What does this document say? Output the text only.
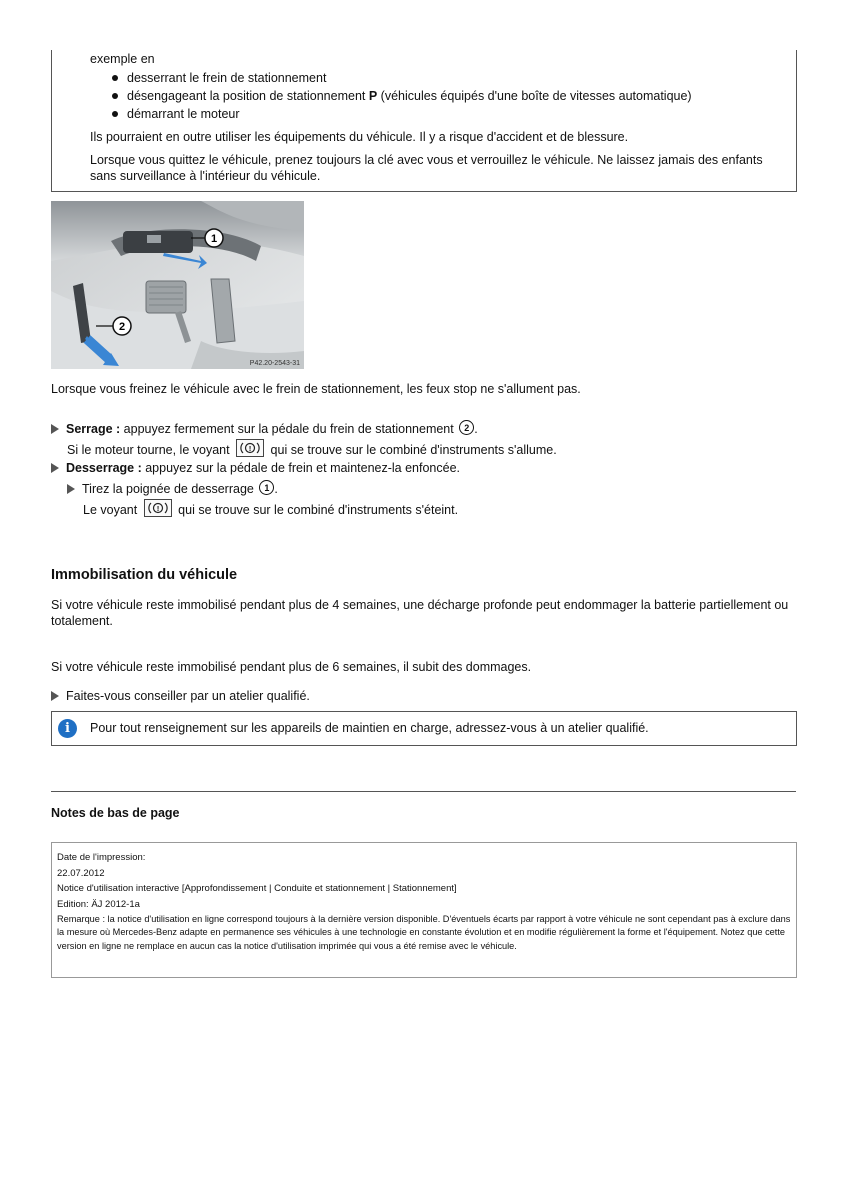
exemple en
desserrant le frein de stationnement
désengageant la position de stationnement P (véhicules équipés d'une boîte de vitesses automatique)
démarrant le moteur
Ils pourraient en outre utiliser les équipements du véhicule. Il y a risque d'accident et de blessure.
Lorsque vous quittez le véhicule, prenez toujours la clé avec vous et verrouillez le véhicule. Ne laissez jamais des enfants sans surveillance à l'intérieur du véhicule.
1
2
P42.20-2543-31
Lorsque vous freinez le véhicule avec le frein de stationnement, les feux stop ne s'allument pas.
Serrage : appuyez fermement sur la pédale du frein de stationnement 2 .
Si le moteur tourne, le voyant ! qui se trouve sur le combiné d'instruments s'allume.
Desserrage : appuyez sur la pédale de frein et maintenez-la enfoncée.
Tirez la poignée de desserrage 1 .
Le voyant ! qui se trouve sur le combiné d'instruments s'éteint.
Immobilisation du véhicule
Si votre véhicule reste immobilisé pendant plus de 4 semaines, une décharge profonde peut endommager la batterie partiellement ou totalement.
Si votre véhicule reste immobilisé pendant plus de 6 semaines, il subit des dommages.
Faites-vous conseiller par un atelier qualifié.
i	Pour tout renseignement sur les appareils de maintien en charge, adressez-vous à un atelier qualifié.
Notes de bas de page
Date de l'impression:
22.07.2012
Notice d'utilisation interactive [Approfondissement | Conduite et stationnement | Stationnement]
Edition: ÄJ 2012-1a
Remarque : la notice d'utilisation en ligne correspond toujours à la dernière version disponible. D'éventuels écarts par rapport à votre véhicule ne sont cependant pas à exclure dans la mesure où Mercedes-Benz adapte en permanence ses véhicules à une technologie en constante évolution et en modifie régulièrement la forme et l'équipement. Notez que cette version en ligne ne remplace en aucun cas la notice d'utilisation imprimée qui vous a été remise avec le véhicule.
